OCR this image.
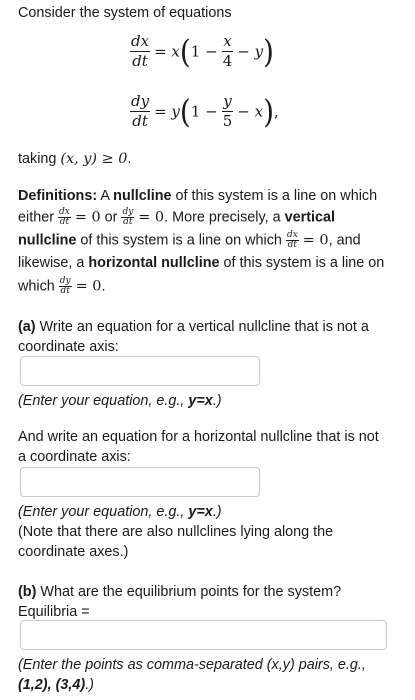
Consider the system of equations
$\frac{dx}{dt} = x(1 - \frac{x}{4} - y)$
$\frac{dy}{dt} = y(1 - \frac{y}{5} - x)$,
taking (x, y) ≥ 0.
Definitions: A nullcline of this system is a line on which
either $\frac{dx}{dt} = 0$ or $\frac{dy}{dt} = 0$. More precisely, a vertical
nullcline of this system is a line on which $\frac{dx}{dt} = 0$, and
likewise, a horizontal nullcline of this system is a line on
which $\frac{dy}{dt} = 0$.
(a) Write an equation for a vertical nullcline that is not a
coordinate axis:
(Enter your equation, e.g., y=x.)
And write an equation for a horizontal nullcline that is not
a coordinate axis:
(Enter your equation, e.g., y=x.)
(Note that there are also nullclines lying along the
coordinate axes.)
(b) What are the equilibrium points for the system?
Equilibria =
(Enter the points as comma-separated (x,y) pairs, e.g.,
(1,2), (3,4).)
